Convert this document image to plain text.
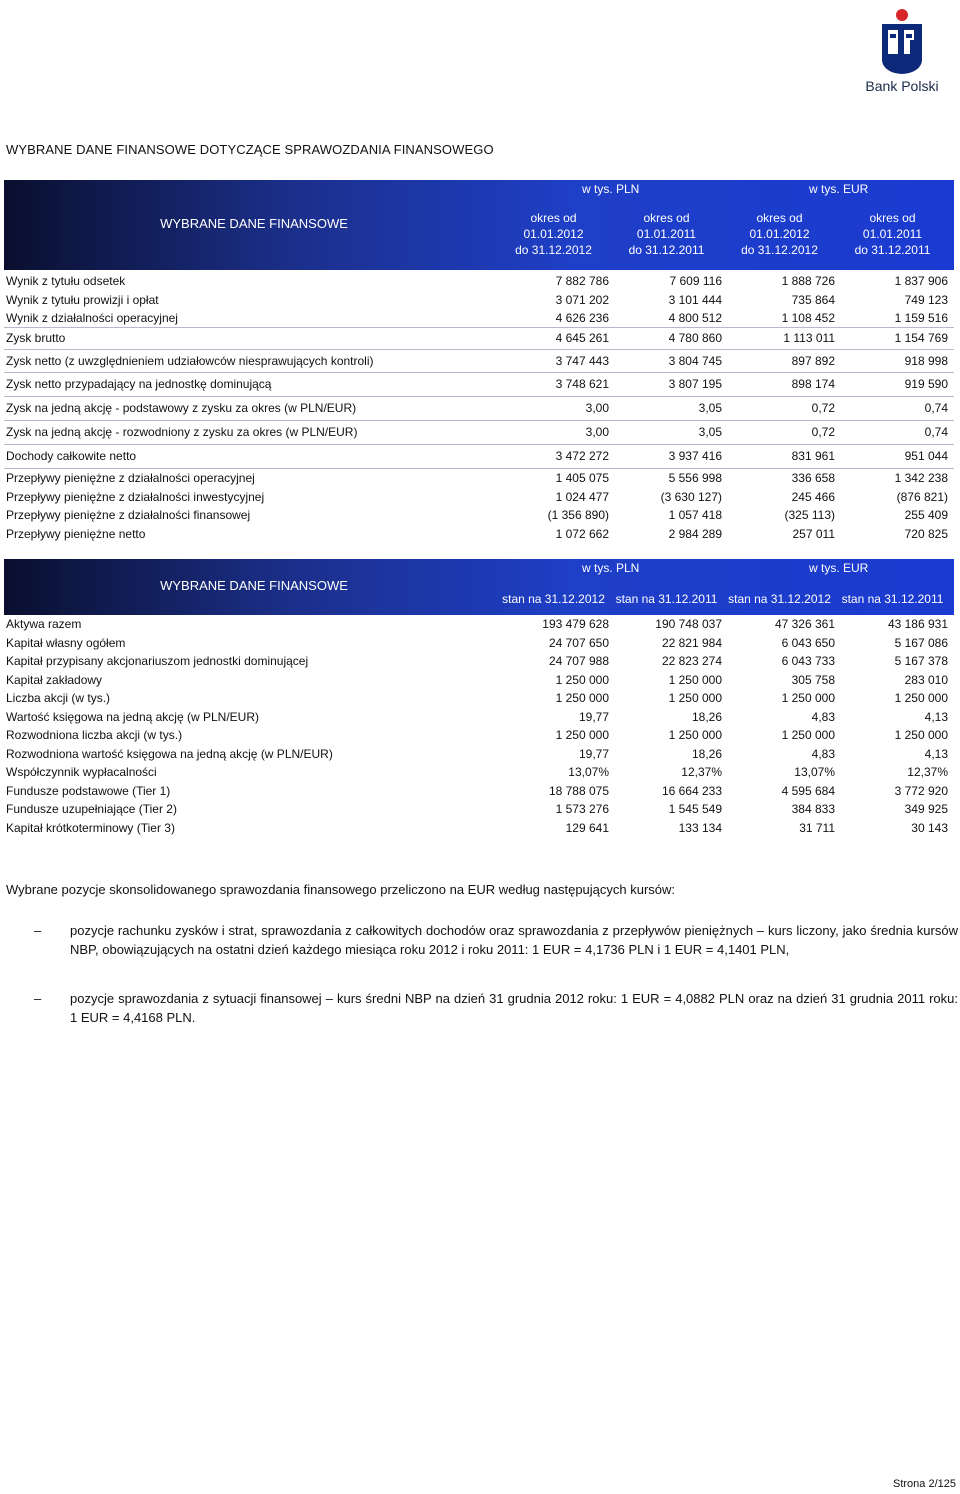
Bank Polski
WYBRANE DANE FINANSOWE DOTYCZĄCE SPRAWOZDANIA FINANSOWEGO
WYBRANE DANE FINANSOWE
w tys. PLN	w tys. EUR
okres od
01.01.2012
do 31.12.2012
okres od
01.01.2011
do 31.12.2011
okres od
01.01.2012
do 31.12.2012
okres od
01.01.2011
do 31.12.2011
Wynik z tytułu odsetek	7 882 786	7 609 116	1 888 726	1 837 906
Wynik z tytułu prowizji i opłat	3 071 202	3 101 444	735 864	749 123
Wynik z działalności operacyjnej	4 626 236	4 800 512	1 108 452	1 159 516
Zysk brutto	4 645 261	4 780 860	1 113 011	1 154 769
Zysk netto (z uwzględnieniem udziałowców niesprawujących kontroli)	3 747 443	3 804 745	897 892	918 998
Zysk netto przypadający na jednostkę dominującą	3 748 621	3 807 195	898 174	919 590
Zysk na jedną akcję - podstawowy z zysku za okres (w PLN/EUR)	3,00	3,05	0,72	0,74
Zysk na jedną akcję - rozwodniony z zysku za okres (w PLN/EUR)	3,00	3,05	0,72	0,74
Dochody całkowite netto	3 472 272	3 937 416	831 961	951 044
Przepływy pieniężne z działalności operacyjnej	1 405 075	5 556 998	336 658	1 342 238
Przepływy pieniężne z działalności inwestycyjnej	1 024 477	(3 630 127)	245 466	(876 821)
Przepływy pieniężne z działalności finansowej	(1 356 890)	1 057 418	(325 113)	255 409
Przepływy pieniężne netto	1 072 662	2 984 289	257 011	720 825
WYBRANE DANE FINANSOWE
w tys. PLN	w tys. EUR
stan na 31.12.2012 stan na 31.12.2011 stan na 31.12.2012 stan na 31.12.2011
Aktywa razem	193 479 628	190 748 037	47 326 361	43 186 931
Kapitał własny ogółem	24 707 650	22 821 984	6 043 650	5 167 086
Kapitał przypisany akcjonariuszom jednostki dominującej	24 707 988	22 823 274	6 043 733	5 167 378
Kapitał zakładowy	1 250 000	1 250 000	305 758	283 010
Liczba akcji (w tys.)	1 250 000	1 250 000	1 250 000	1 250 000
Wartość księgowa na jedną akcję (w PLN/EUR)	19,77	18,26	4,83	4,13
Rozwodniona liczba akcji (w tys.)	1 250 000	1 250 000	1 250 000	1 250 000
Rozwodniona wartość księgowa na jedną akcję (w PLN/EUR)	19,77	18,26	4,83	4,13
Współczynnik wypłacalności	13,07%	12,37%	13,07%	12,37%
Fundusze podstawowe (Tier 1)	18 788 075	16 664 233	4 595 684	3 772 920
Fundusze uzupełniające (Tier 2)	1 573 276	1 545 549	384 833	349 925
Kapitał krótkoterminowy (Tier 3)	129 641	133 134	31 711	30 143
Wybrane pozycje skonsolidowanego sprawozdania finansowego przeliczono na EUR według następujących kursów:
– pozycje rachunku zysków i strat, sprawozdania z całkowitych dochodów oraz sprawozdania z przepływów pieniężnych – kurs liczony, jako średnia kursów NBP, obowiązujących na ostatni dzień każdego miesiąca roku 2012 i roku 2011: 1 EUR = 4,1736 PLN i 1 EUR = 4,1401 PLN,
– pozycje sprawozdania z sytuacji finansowej – kurs średni NBP na dzień 31 grudnia 2012 roku: 1 EUR = 4,0882 PLN oraz na dzień 31 grudnia 2011 roku: 1 EUR = 4,4168 PLN.
Strona 2/125
